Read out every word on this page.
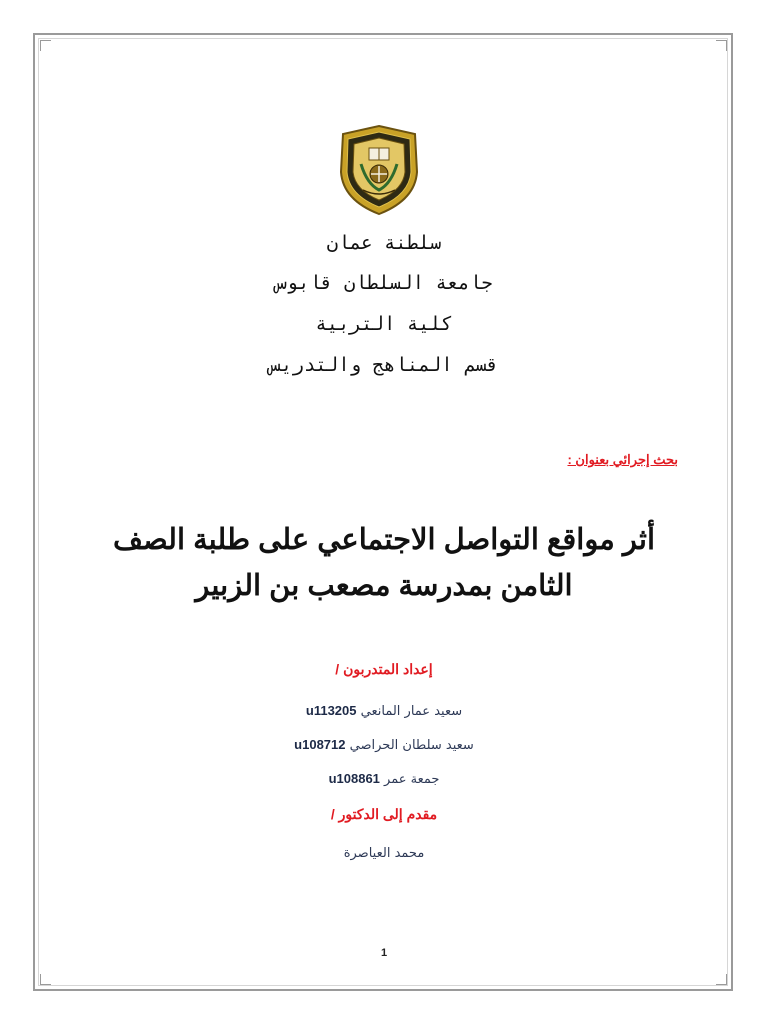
سلطنة عمان
جامعة السلطان قابوس
كلية التربية
قسم المناهج والتدريس
بحث إجرائي بعنوان :
أثر مواقع التواصل الاجتماعي على طلبة الصف
الثامن بمدرسة مصعب بن الزبير
إعداد المتدربون /
سعيد عمار المانعي u113205
سعيد سلطان الحراصي u108712
جمعة عمر u108861
مقدم إلى الدكتور /
محمد العياصرة
1
